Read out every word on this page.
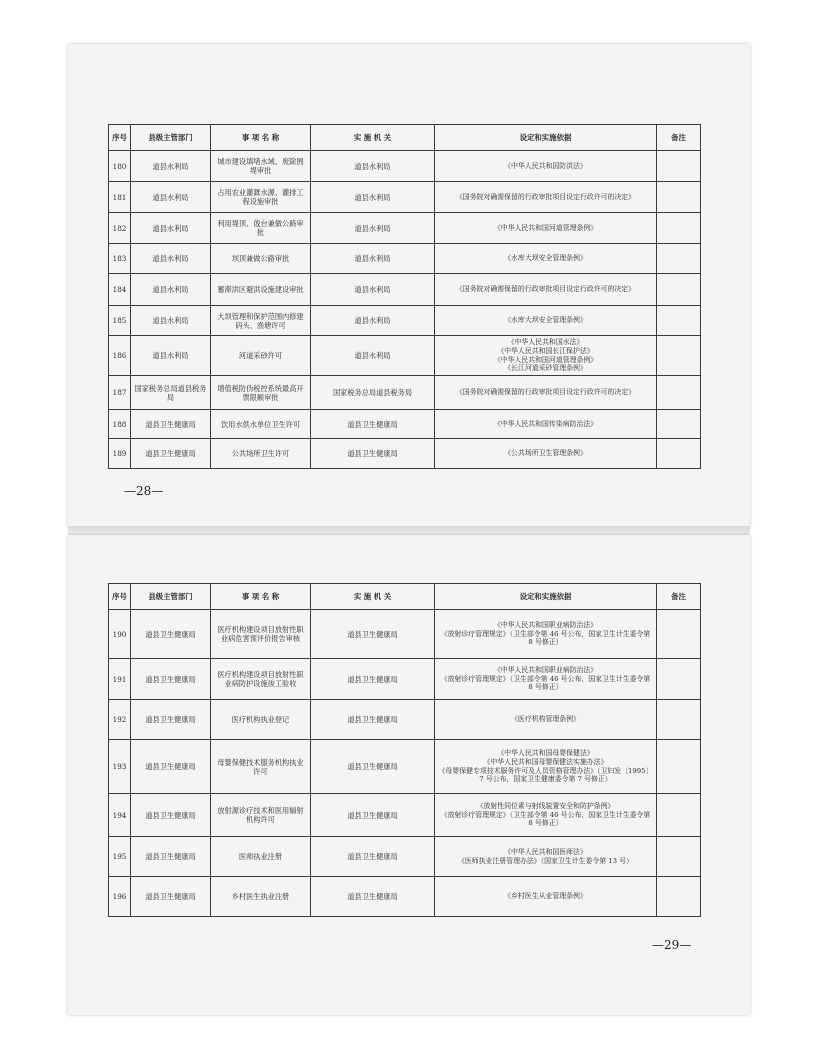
序号	县级主管部门	事 项 名 称	实 施 机 关	设定和实施依据	备注
180	道县水利局	城市建设填堵水域、废除围堤审批	道县水利局	《中华人民共和国防洪法》	
181	道县水利局	占用农业灌溉水源、灌排工程设施审批	道县水利局	《国务院对确需保留的行政审批项目设定行政许可的决定》	
182	道县水利局	利用堤顶、戗台兼做公路审批	道县水利局	《中华人民共和国河道管理条例》	
183	道县水利局	坝顶兼做公路审批	道县水利局	《水库大坝安全管理条例》	
184	道县水利局	蓄滞洪区避洪设施建设审批	道县水利局	《国务院对确需保留的行政审批项目设定行政许可的决定》	
185	道县水利局	大坝管理和保护范围内修建码头、渔塘许可	道县水利局	《水库大坝安全管理条例》	
186	道县水利局	河道采砂许可	道县水利局	《中华人民共和国水法》
《中华人民共和国长江保护法》
《中华人民共和国河道管理条例》
《长江河道采砂管理条例》	
187	国家税务总局道县税务局	增值税防伪税控系统最高开票限额审批	国家税务总局道县税务局	《国务院对确需保留的行政审批项目设定行政许可的决定》	
188	道县卫生健康局	饮用水供水单位卫生许可	道县卫生健康局	《中华人民共和国传染病防治法》	
189	道县卫生健康局	公共场所卫生许可	道县卫生健康局	《公共场所卫生管理条例》	
—28—
序号	县级主管部门	事 项 名 称	实 施 机 关	设定和实施依据	备注
190	道县卫生健康局	医疗机构建设项目放射性职业病危害预评价报告审核	道县卫生健康局	《中华人民共和国职业病防治法》
《放射诊疗管理规定》（卫生部令第 46 号公布，国家卫生计生委令第 8 号修正）	
191	道县卫生健康局	医疗机构建设项目放射性职业病防护设施竣工验收	道县卫生健康局	《中华人民共和国职业病防治法》
《放射诊疗管理规定》（卫生部令第 46 号公布，国家卫生计生委令第 8 号修正）	
192	道县卫生健康局	医疗机构执业登记	道县卫生健康局	《医疗机构管理条例》	
193	道县卫生健康局	母婴保健技术服务机构执业许可	道县卫生健康局	《中华人民共和国母婴保健法》
《中华人民共和国母婴保健法实施办法》
《母婴保健专项技术服务许可及人员资格管理办法》（卫妇发〔1995〕7 号公布，国家卫生健康委令第 7 号修正）	
194	道县卫生健康局	放射源诊疗技术和医用辐射机构许可	道县卫生健康局	《放射性同位素与射线装置安全和防护条例》
《放射诊疗管理规定》（卫生部令第 46 号公布，国家卫生计生委令第 8 号修正）	
195	道县卫生健康局	医师执业注册	道县卫生健康局	《中华人民共和国医师法》
《医师执业注册管理办法》（国家卫生计生委令第 13 号）	
196	道县卫生健康局	乡村医生执业注册	道县卫生健康局	《乡村医生从业管理条例》	
—29—
